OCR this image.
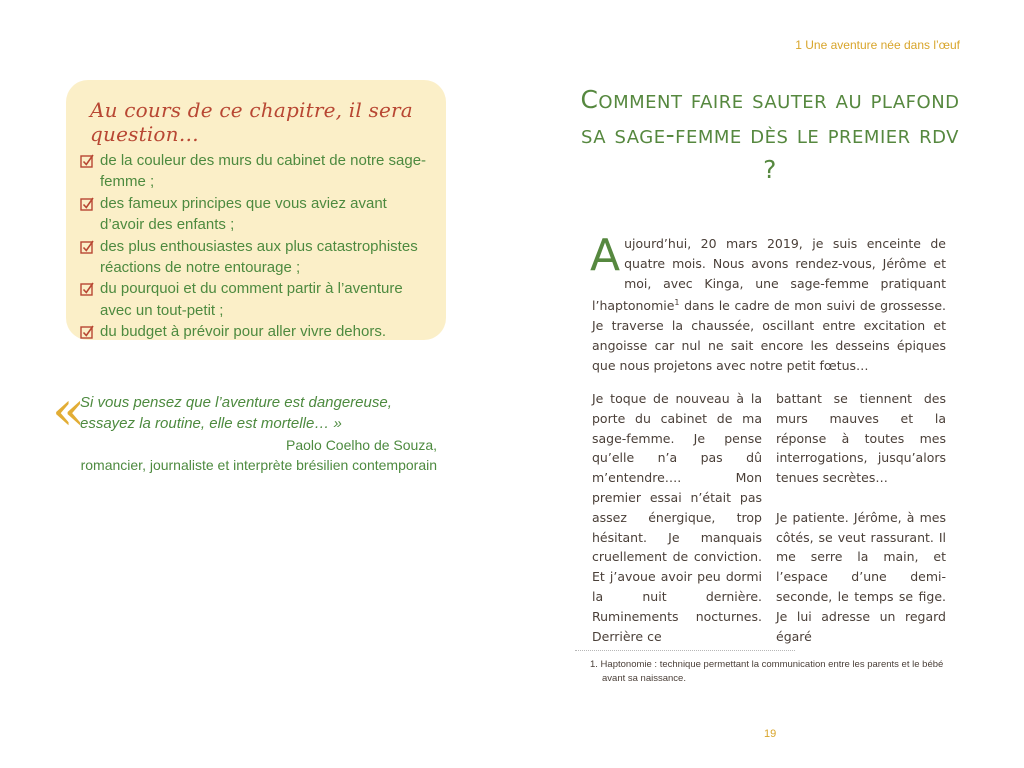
1 Une aventure née dans l’œuf
Au cours de ce chapitre, il sera question…
de la couleur des murs du cabinet de notre sage-femme ;
des fameux principes que vous aviez avant d’avoir des enfants ;
des plus enthousiastes aux plus catastrophistes réactions de notre entourage ;
du pourquoi et du comment partir à l’aventure avec un tout-petit ;
du budget à prévoir pour aller vivre dehors.
«

Si vous pensez que l’aventure est dangereuse, essayez la routine, elle est mortelle… »

Paolo Coelho de Souza,
romancier, journaliste et interprète brésilien contemporain
Comment faire sauter au plafond sa sage-femme dès le premier rdv ?

Aujourd’hui, 20 mars 2019, je suis enceinte de quatre mois. Nous avons rendez-vous, Jérôme et moi, avec Kinga, une sage-femme pratiquant l’haptonomie$^1$ dans le cadre de mon suivi de grossesse. Je traverse la chaussée, oscillant entre excitation et angoisse car nul ne sait encore les desseins épiques que nous projetons avec notre petit fœtus…

Je toque de nouveau à la porte du cabinet de ma sage-femme. Je pense qu’elle n’a pas dû m’entendre…. Mon premier essai n’était pas assez énergique, trop hésitant. Je manquais cruellement de conviction. Et j’avoue avoir peu dormi la nuit dernière. Ruminements nocturnes. Derrière ce

battant se tiennent des murs mauves et la réponse à toutes mes interrogations, jusqu’alors tenues secrètes…

Je patiente. Jérôme, à mes côtés, se veut rassurant. Il me serre la main, et l’espace d’une demi-seconde, le temps se fige. Je lui adresse un regard égaré

1. Haptonomie : technique permettant la communication entre les parents et le bébé avant sa naissance.
19
